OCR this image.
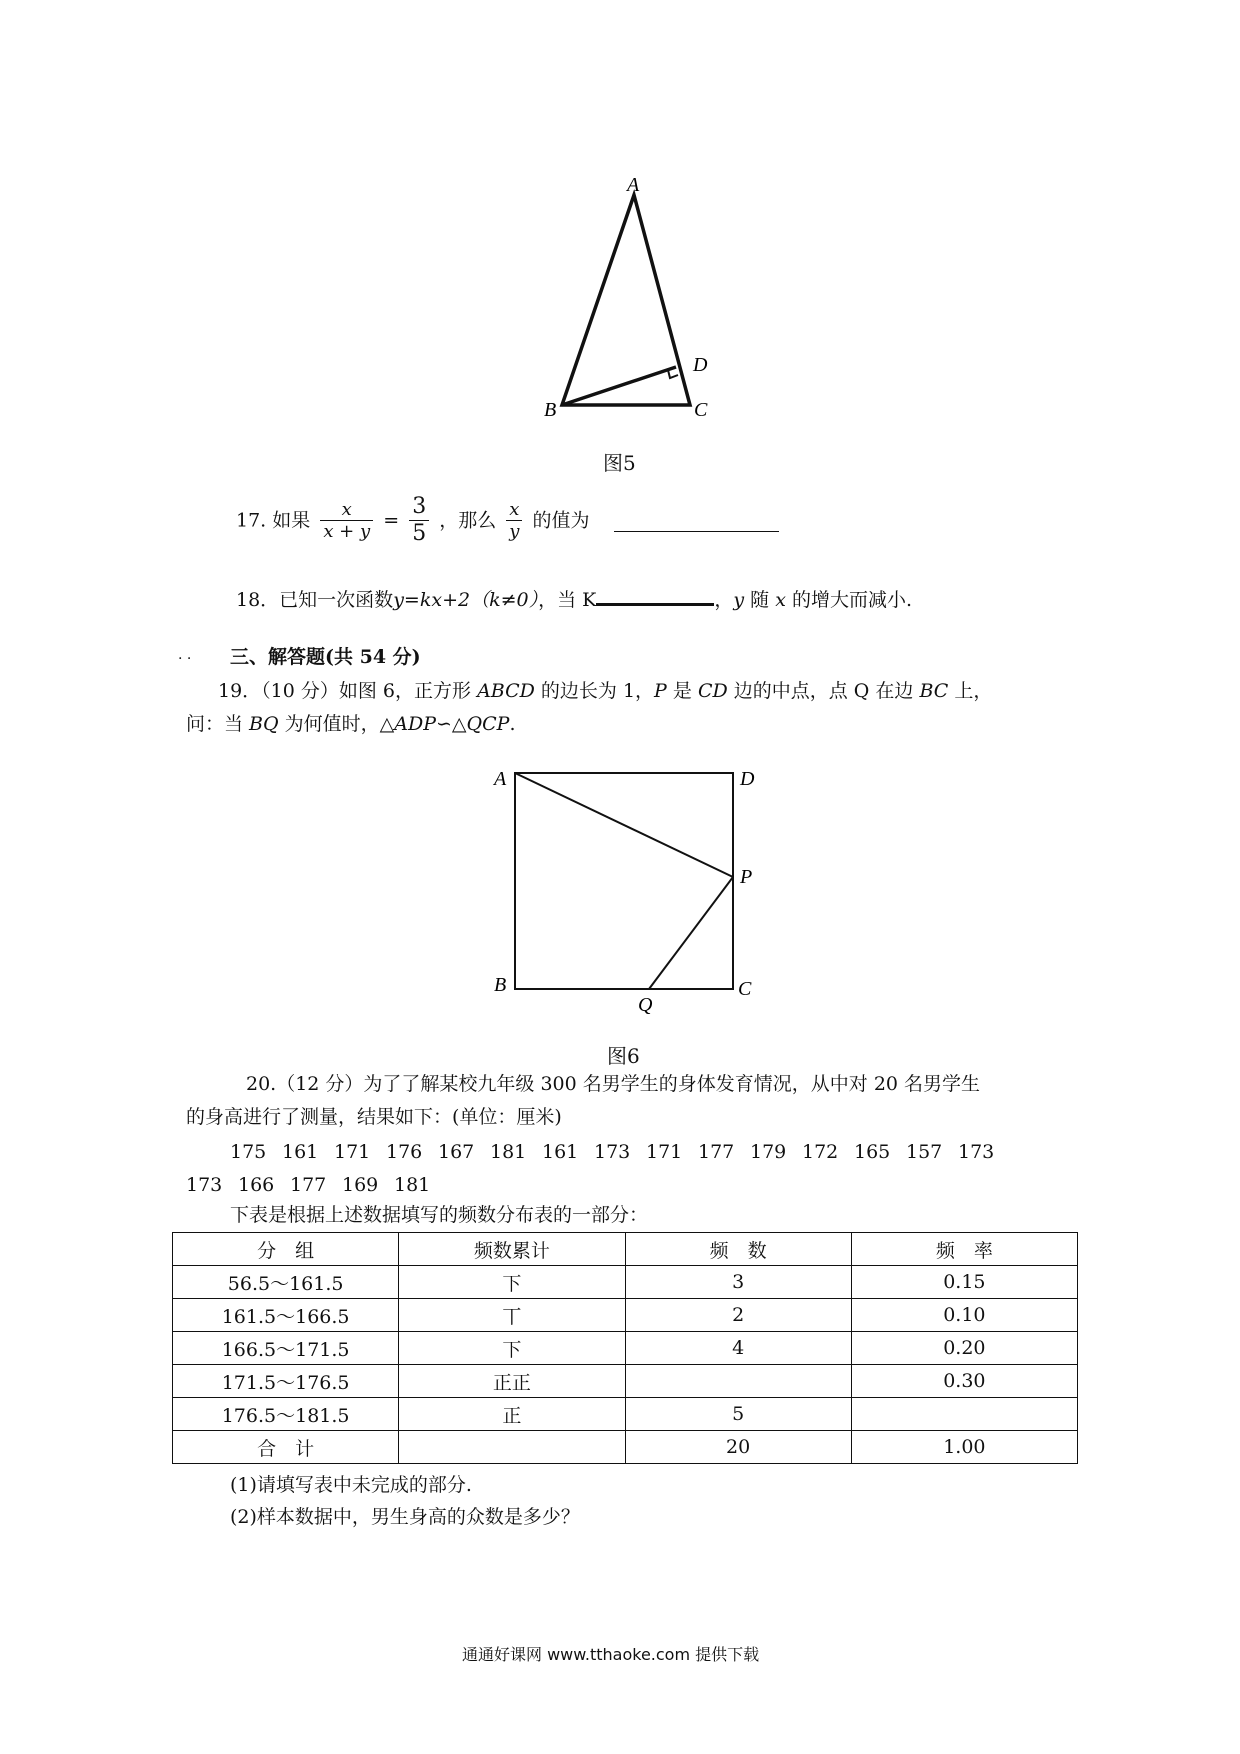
A
B	C
D
图5
17. 如果 $\frac{x}{x + y} = \frac{3}{5}$ ，那么 $\frac{x}{y}$ 的值为
18．已知一次函数y=kx+2（k≠0），当 K	，y 随 x 的增大而减小.
. . 三、解答题(共 54 分)
19．（10 分）如图 6，正方形 ABCD 的边长为 1，P 是 CD 边的中点，点 Q 在边 BC 上，
问：当 BQ 为何值时，△ADP∽△QCP.
A	D
P
B	C
Q
图6
20.（12 分）为了了解某校九年级 300 名男学生的身体发育情况，从中对 20 名男学生
的身高进行了测量，结果如下：(单位：厘米)
175 161 171 176 167 181 161 173 171 177 179 172 165 157 173
173 166 177 169 181
下表是根据上述数据填写的频数分布表的一部分：
分　组	频数累计	频　数	频　率
56.5～161.5	下	3	0.15
161.5～166.5	丅	2	0.10
166.5～171.5	下	4	0.20
171.5～176.5	正正		0.30
176.5～181.5	正	5	
合　计		20	1.00
(1)请填写表中未完成的部分.
(2)样本数据中，男生身高的众数是多少？
通通好课网 www.tthaoke.com 提供下载
